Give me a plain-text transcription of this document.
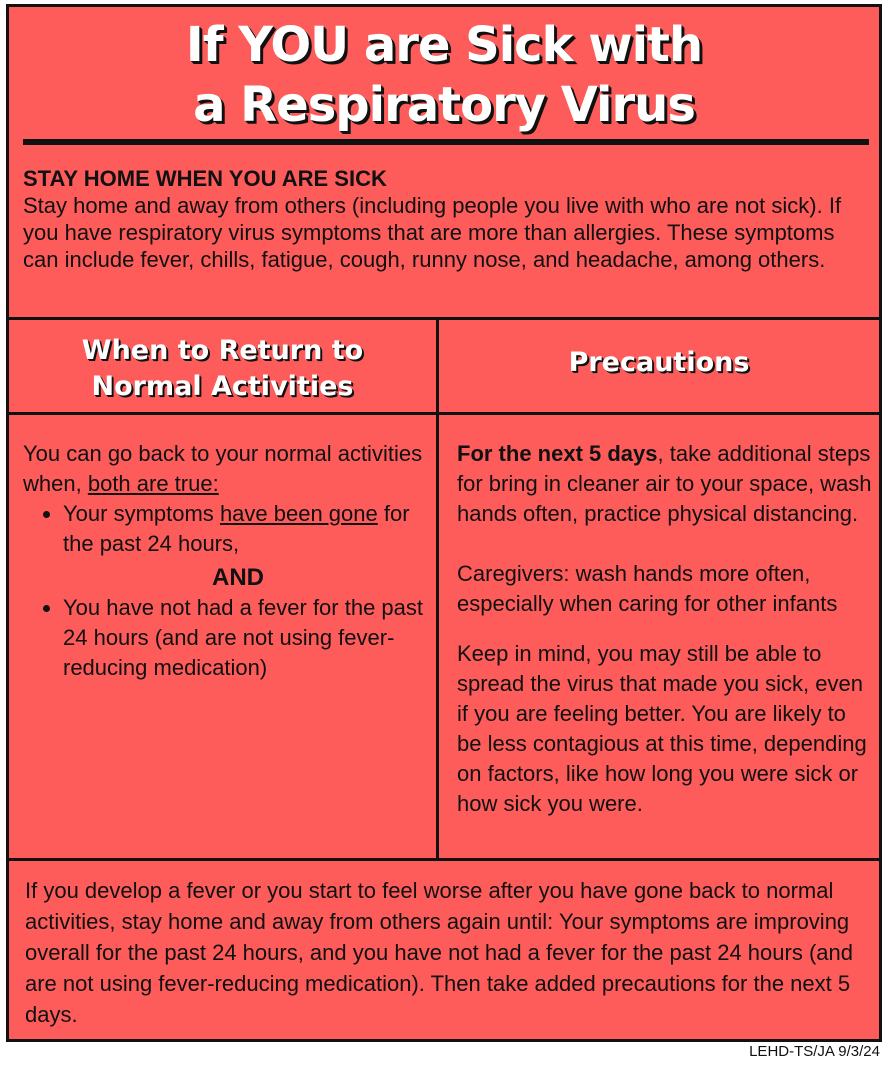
If YOU are Sick with
a Respiratory Virus
STAY HOME WHEN YOU ARE SICK
Stay home and away from others (including people you live with who are not sick). If you have respiratory virus symptoms that are more than allergies. These symptoms can include fever, chills, fatigue, cough, runny nose, and headache, among others.
When to Return to
Normal Activities
Precautions
You can go back to your normal activities when, both are true:
• Your symptoms have been gone for the past 24 hours,
AND
• You have not had a fever for the past 24 hours (and are not using fever-reducing medication)
For the next 5 days, take additional steps for bring in cleaner air to your space, wash hands often, practice physical distancing.
Caregivers: wash hands more often, especially when caring for other infants
Keep in mind, you may still be able to spread the virus that made you sick, even if you are feeling better. You are likely to be less contagious at this time, depending on factors, like how long you were sick or how sick you were.
If you develop a fever or you start to feel worse after you have gone back to normal activities, stay home and away from others again until: Your symptoms are improving overall for the past 24 hours, and you have not had a fever for the past 24 hours (and are not using fever-reducing medication). Then take added precautions for the next 5 days.
LEHD-TS/JA 9/3/24
